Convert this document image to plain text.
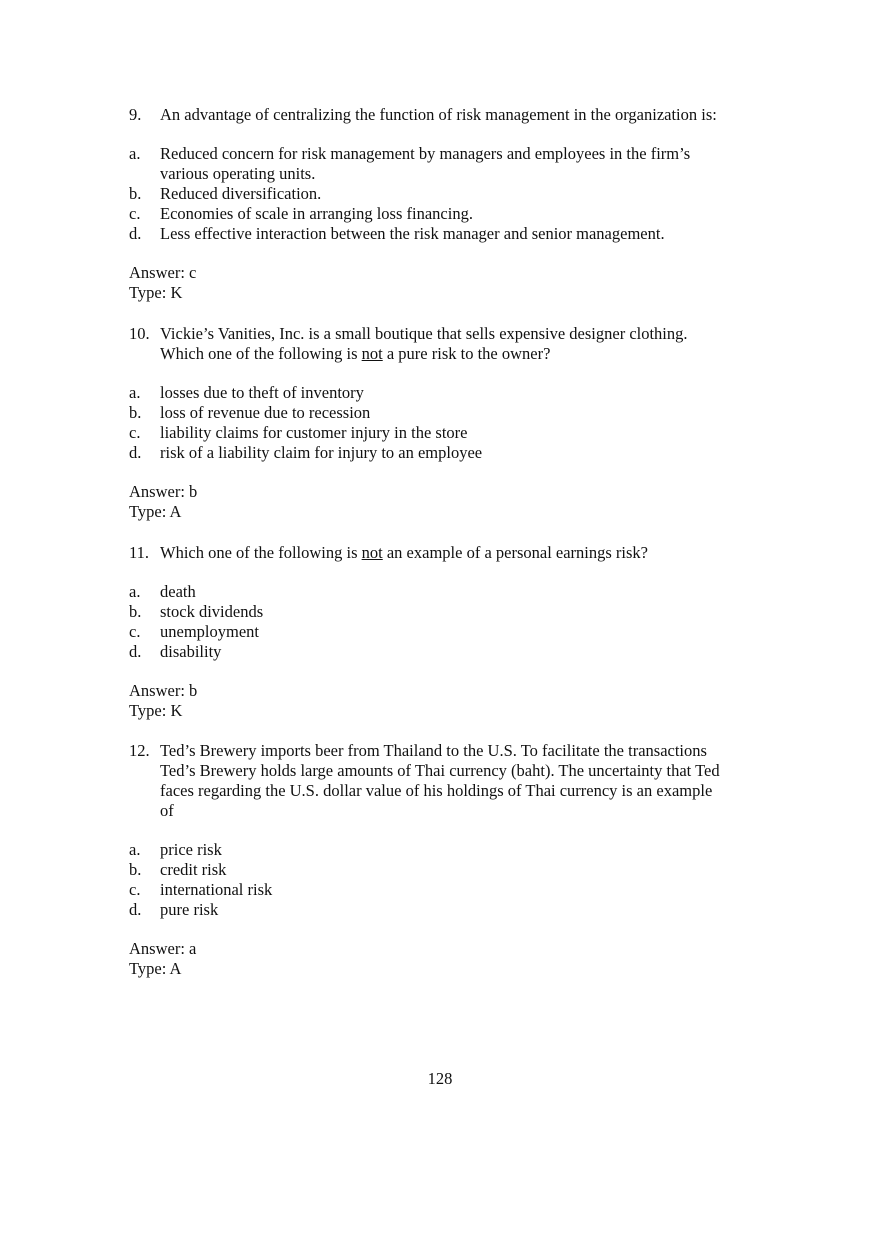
9. An advantage of centralizing the function of risk management in the organization is:
a. Reduced concern for risk management by managers and employees in the firm’s
various operating units.
b. Reduced diversification.
c. Economies of scale in arranging loss financing.
d. Less effective interaction between the risk manager and senior management.
Answer: c
Type: K
10. Vickie’s Vanities, Inc. is a small boutique that sells expensive designer clothing.
Which one of the following is not a pure risk to the owner?
a. losses due to theft of inventory
b. loss of revenue due to recession
c. liability claims for customer injury in the store
d. risk of a liability claim for injury to an employee
Answer: b
Type: A
11. Which one of the following is not an example of a personal earnings risk?
a. death
b. stock dividends
c. unemployment
d. disability
Answer: b
Type: K
12. Ted’s Brewery imports beer from Thailand to the U.S. To facilitate the transactions
Ted’s Brewery holds large amounts of Thai currency (baht). The uncertainty that Ted
faces regarding the U.S. dollar value of his holdings of Thai currency is an example
of
a. price risk
b. credit risk
c. international risk
d. pure risk
Answer: a
Type: A
128
